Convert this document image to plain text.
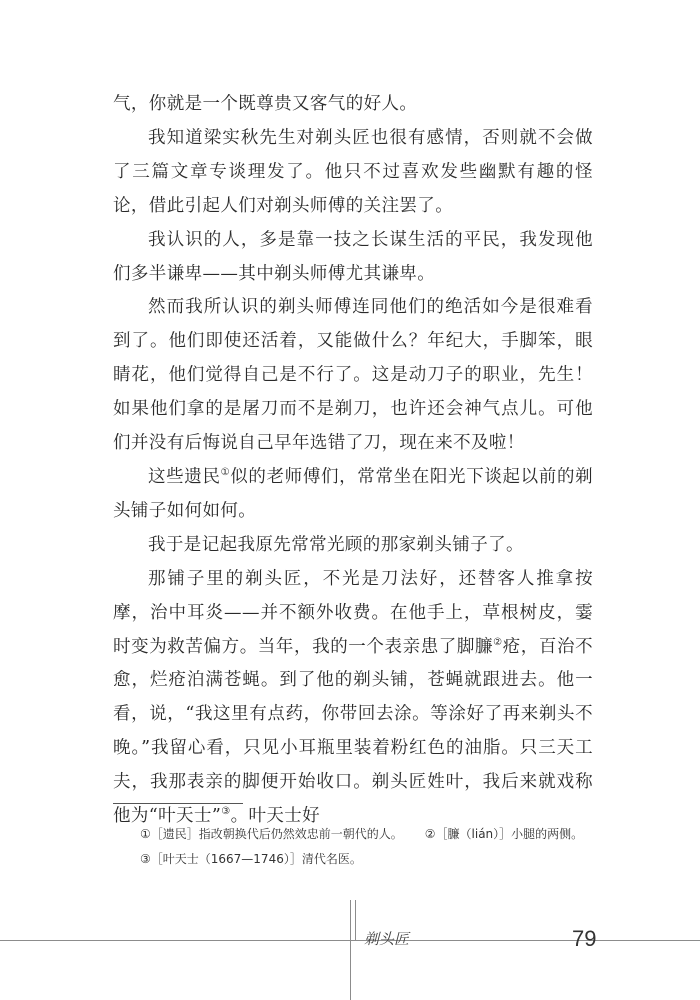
气，你就是一个既尊贵又客气的好人。

我知道梁实秋先生对剃头匠也很有感情，否则就不会做了三篇文章专谈理发了。他只不过喜欢发些幽默有趣的怪论，借此引起人们对剃头师傅的关注罢了。

我认识的人，多是靠一技之长谋生活的平民，我发现他们多半谦卑——其中剃头师傅尤其谦卑。

然而我所认识的剃头师傅连同他们的绝活如今是很难看到了。他们即使还活着，又能做什么？年纪大，手脚笨，眼睛花，他们觉得自己是不行了。这是动刀子的职业，先生！如果他们拿的是屠刀而不是剃刀，也许还会神气点儿。可他们并没有后悔说自己早年选错了刀，现在来不及啦！

这些遗民①似的老师傅们，常常坐在阳光下谈起以前的剃头铺子如何如何。

我于是记起我原先常常光顾的那家剃头铺子了。

那铺子里的剃头匠，不光是刀法好，还替客人推拿按摩，治中耳炎——并不额外收费。在他手上，草根树皮，霎时变为救苦偏方。当年，我的一个表亲患了脚臁②疮，百治不愈，烂疮泊满苍蝇。到了他的剃头铺，苍蝇就跟进去。他一看，说，“我这里有点药，你带回去涂。等涂好了再来剃头不晚。”我留心看，只见小耳瓶里装着粉红色的油脂。只三天工夫，我那表亲的脚便开始收口。剃头匠姓叶，我后来就戏称他为“叶天士”③。叶天士好

①［遗民］指改朝换代后仍然效忠前一朝代的人。 ②［臁（lián）］小腿的两侧。
③［叶天士（1667—1746）］清代名医。
剃头匠	79
